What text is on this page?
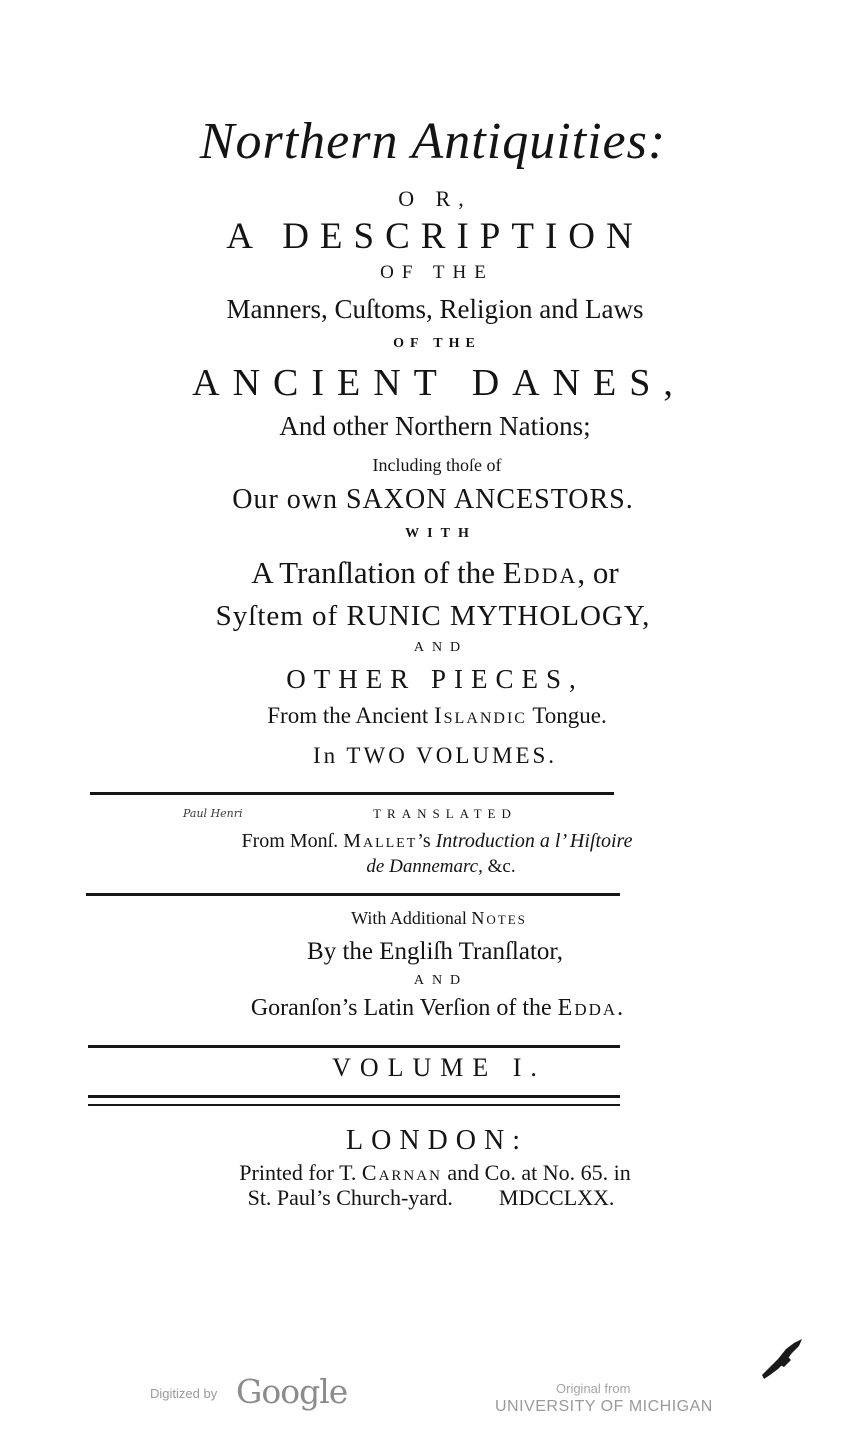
Northern Antiquities:
O R,
A DESCRIPTION
OF THE
Manners, Cuſtoms, Religion and Laws
OF THE
ANCIENT DANES,
And other Northern Nations;
Including thoſe of
Our own SAXON ANCESTORS.
WITH
A Tranſlation of the Edda, or
Syſtem of RUNIC MYTHOLOGY,
AND
OTHER PIECES,
From the Ancient Islandic Tongue.
In TWO VOLUMES.
Paul Henri	TRANSLATED
From Monſ. Mallet’s Introduction a l’ Hiſtoire
de Dannemarc, &c.
With Additional Notes
By the Engliſh Tranſlator,
AND
Goranſon’s Latin Verſion of the Edda.
VOLUME I.
LONDON:
Printed for T. Carnan and Co. at No. 65. in
St. Paul’s Church-yard. MDCCLXX.
Digitized by Google	Original from
UNIVERSITY OF MICHIGAN
